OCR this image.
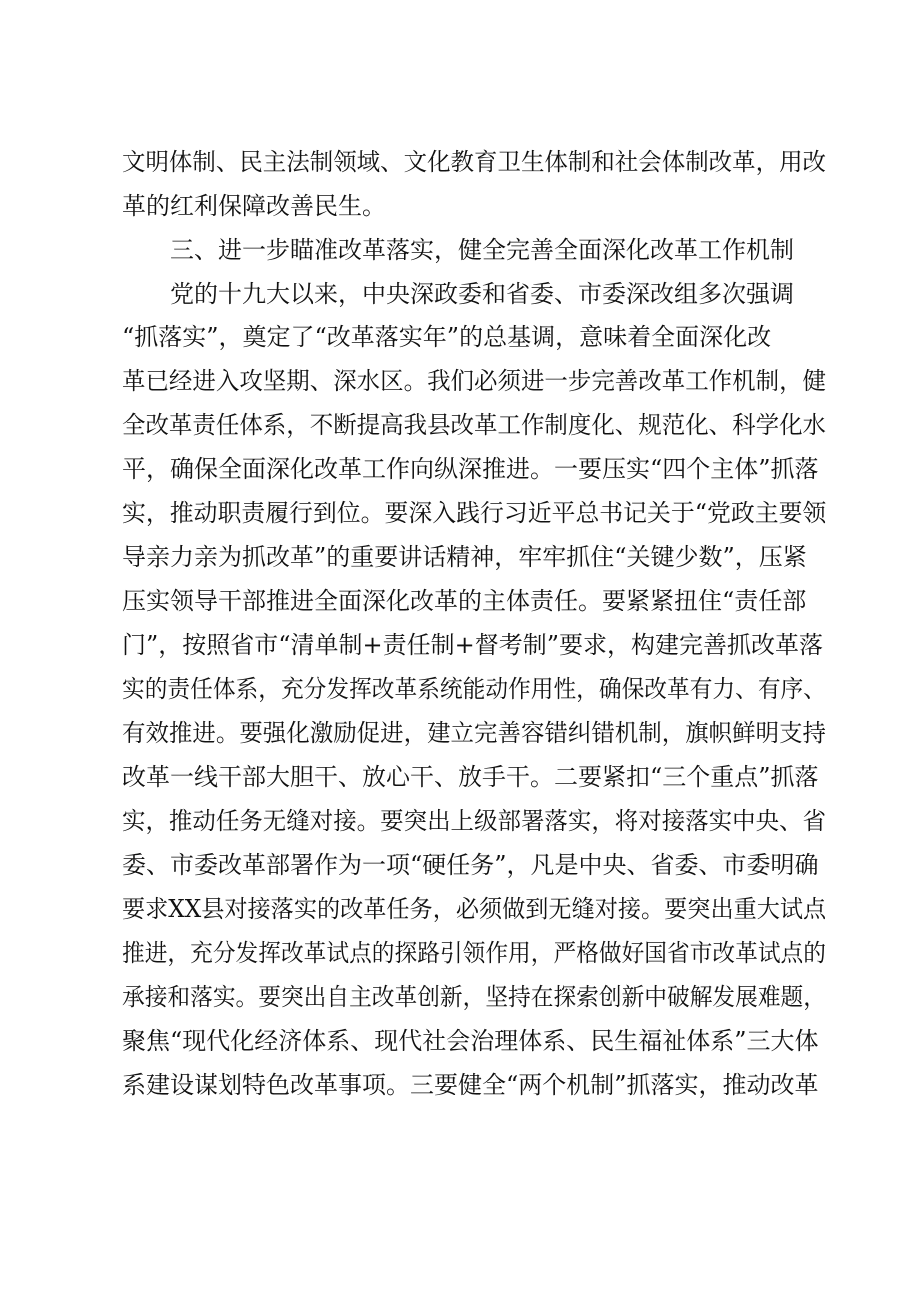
文明体制、民主法制领域、文化教育卫生体制和社会体制改革，用改

革的红利保障改善民生。

三、进一步瞄准改革落实，健全完善全面深化改革工作机制

党的十九大以来，中央深政委和省委、市委深改组多次强调

“抓落实”，奠定了“改革落实年”的总基调，意味着全面深化改

革已经进入攻坚期、深水区。我们必须进一步完善改革工作机制，健

全改革责任体系，不断提高我县改革工作制度化、规范化、科学化水

平，确保全面深化改革工作向纵深推进。一要压实“四个主体”抓落

实，推动职责履行到位。要深入践行习近平总书记关于“党政主要领

导亲力亲为抓改革”的重要讲话精神，牢牢抓住“关键少数”，压紧

压实领导干部推进全面深化改革的主体责任。要紧紧扭住“责任部

门”，按照省市“清单制+责任制+督考制”要求，构建完善抓改革落

实的责任体系，充分发挥改革系统能动作用性，确保改革有力、有序、

有效推进。要强化激励促进，建立完善容错纠错机制，旗帜鲜明支持

改革一线干部大胆干、放心干、放手干。二要紧扣“三个重点”抓落

实，推动任务无缝对接。要突出上级部署落实，将对接落实中央、省

委、市委改革部署作为一项“硬任务”，凡是中央、省委、市委明确

要求XX县对接落实的改革任务，必须做到无缝对接。要突出重大试点

推进，充分发挥改革试点的探路引领作用，严格做好国省市改革试点的

承接和落实。要突出自主改革创新，坚持在探索创新中破解发展难题，

聚焦“现代化经济体系、现代社会治理体系、民生福祉体系”三大体

系建设谋划特色改革事项。三要健全“两个机制”抓落实，推动改革
